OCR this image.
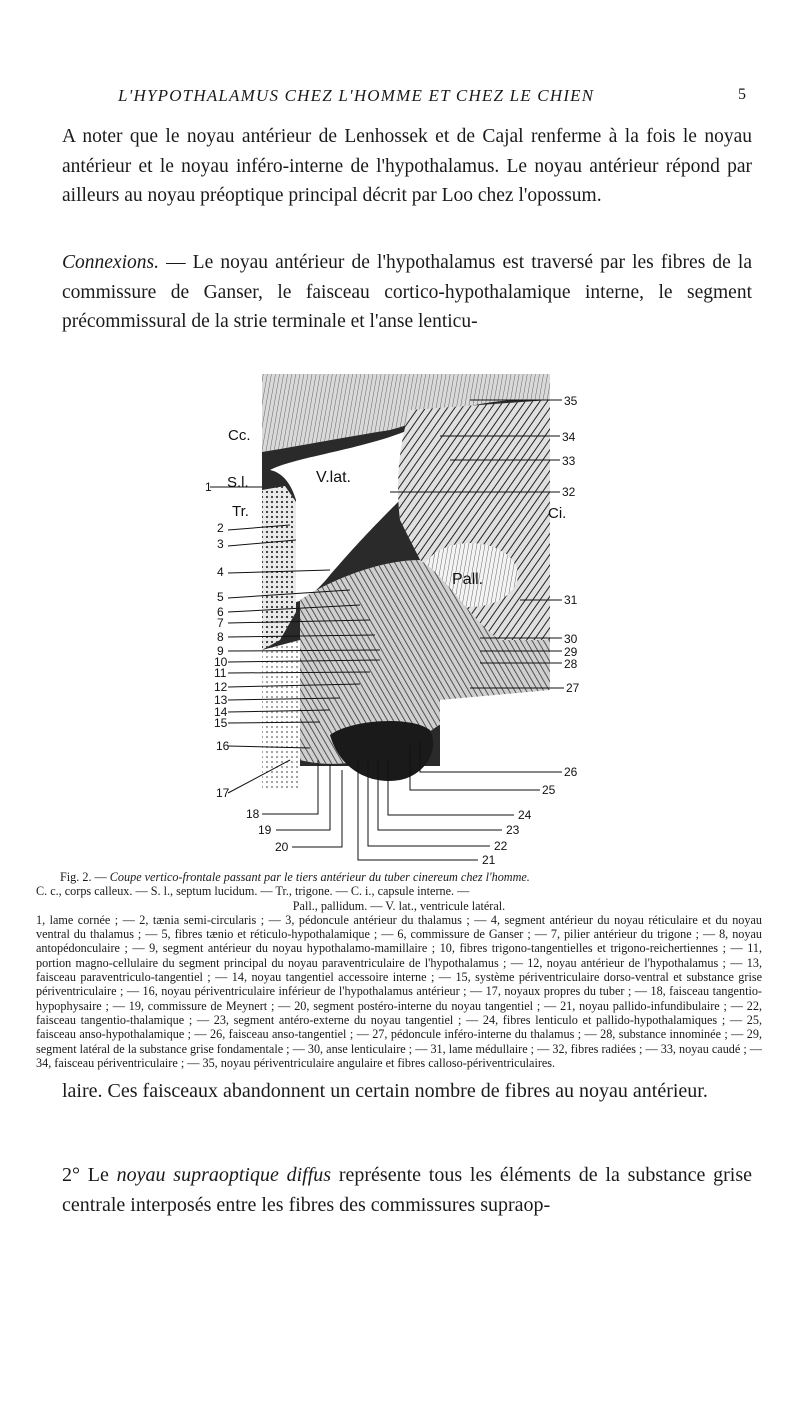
L'HYPOTHALAMUS CHEZ L'HOMME ET CHEZ LE CHIEN	5

A noter que le noyau antérieur de Lenhossek et de Cajal renferme à la fois le noyau antérieur et le noyau inféro-interne de l'hypothalamus. Le noyau antérieur répond par ailleurs au noyau préoptique principal décrit par Loo chez l'opossum.

Connexions. — Le noyau antérieur de l'hypothalamus est traversé par les fibres de la commissure de Ganser, le faisceau cortico-hypothalamique interne, le segment précommissural de la strie terminale et l'anse lenticu-

Cc.
1 S.l.
Tr.
V.lat.
2
3
4
5
6
7
8
9
10
11
12
13
14
15
16
17
18
19
20
21
22
23
24
35
34
33
32
Ci.
Pall.
31
30
29
28
27
26
25

Fig. 2. — Coupe vertico-frontale passant par le tiers antérieur du tuber cinereum chez l'homme.

C. c., corps calleux. — S. l., septum lucidum. — Tr., trigone. — C. i., capsule interne. —

Pall., pallidum. — V. lat., ventricule latéral.

1, lame cornée ; — 2, tænia semi-circularis ; — 3, pédoncule antérieur du thalamus ; — 4, segment antérieur du noyau réticulaire et du noyau ventral du thalamus ; — 5, fibres tænio et réticulo-hypothalamique ; — 6, commissure de Ganser ; — 7, pilier antérieur du trigone ; — 8, noyau antopédonculaire ; — 9, segment antérieur du noyau hypothalamo-mamillaire ; 10, fibres trigono-tangentielles et trigono-reichertiennes ; — 11, portion magno-cellulaire du segment principal du noyau paraventriculaire de l'hypothalamus ; — 12, noyau antérieur de l'hypothalamus ; — 13, faisceau paraventriculo-tangentiel ; — 14, noyau tangentiel accessoire interne ; — 15, système périventriculaire dorso-ventral et substance grise périventriculaire ; — 16, noyau périventriculaire inférieur de l'hypothalamus antérieur ; — 17, noyaux propres du tuber ; — 18, faisceau tangentio-hypophysaire ; — 19, commissure de Meynert ; — 20, segment postéro-interne du noyau tangentiel ; — 21, noyau pallido-infundibulaire ; — 22, faisceau tangentio-thalamique ; — 23, segment antéro-externe du noyau tangentiel ; — 24, fibres lenticulo et pallido-hypothalamiques ; — 25, faisceau anso-hypothalamique ; — 26, faisceau anso-tangentiel ; — 27, pédoncule inféro-interne du thalamus ; — 28, substance innominée ; — 29, segment latéral de la substance grise fondamentale ; — 30, anse lenticulaire ; — 31, lame médullaire ; — 32, fibres radiées ; — 33, noyau caudé ; — 34, faisceau périventriculaire ; — 35, noyau périventriculaire angulaire et fibres calloso-périventriculaires.

laire. Ces faisceaux abandonnent un certain nombre de fibres au noyau antérieur.

2° Le noyau supraoptique diffus représente tous les éléments de la substance grise centrale interposés entre les fibres des commissures supraop-
